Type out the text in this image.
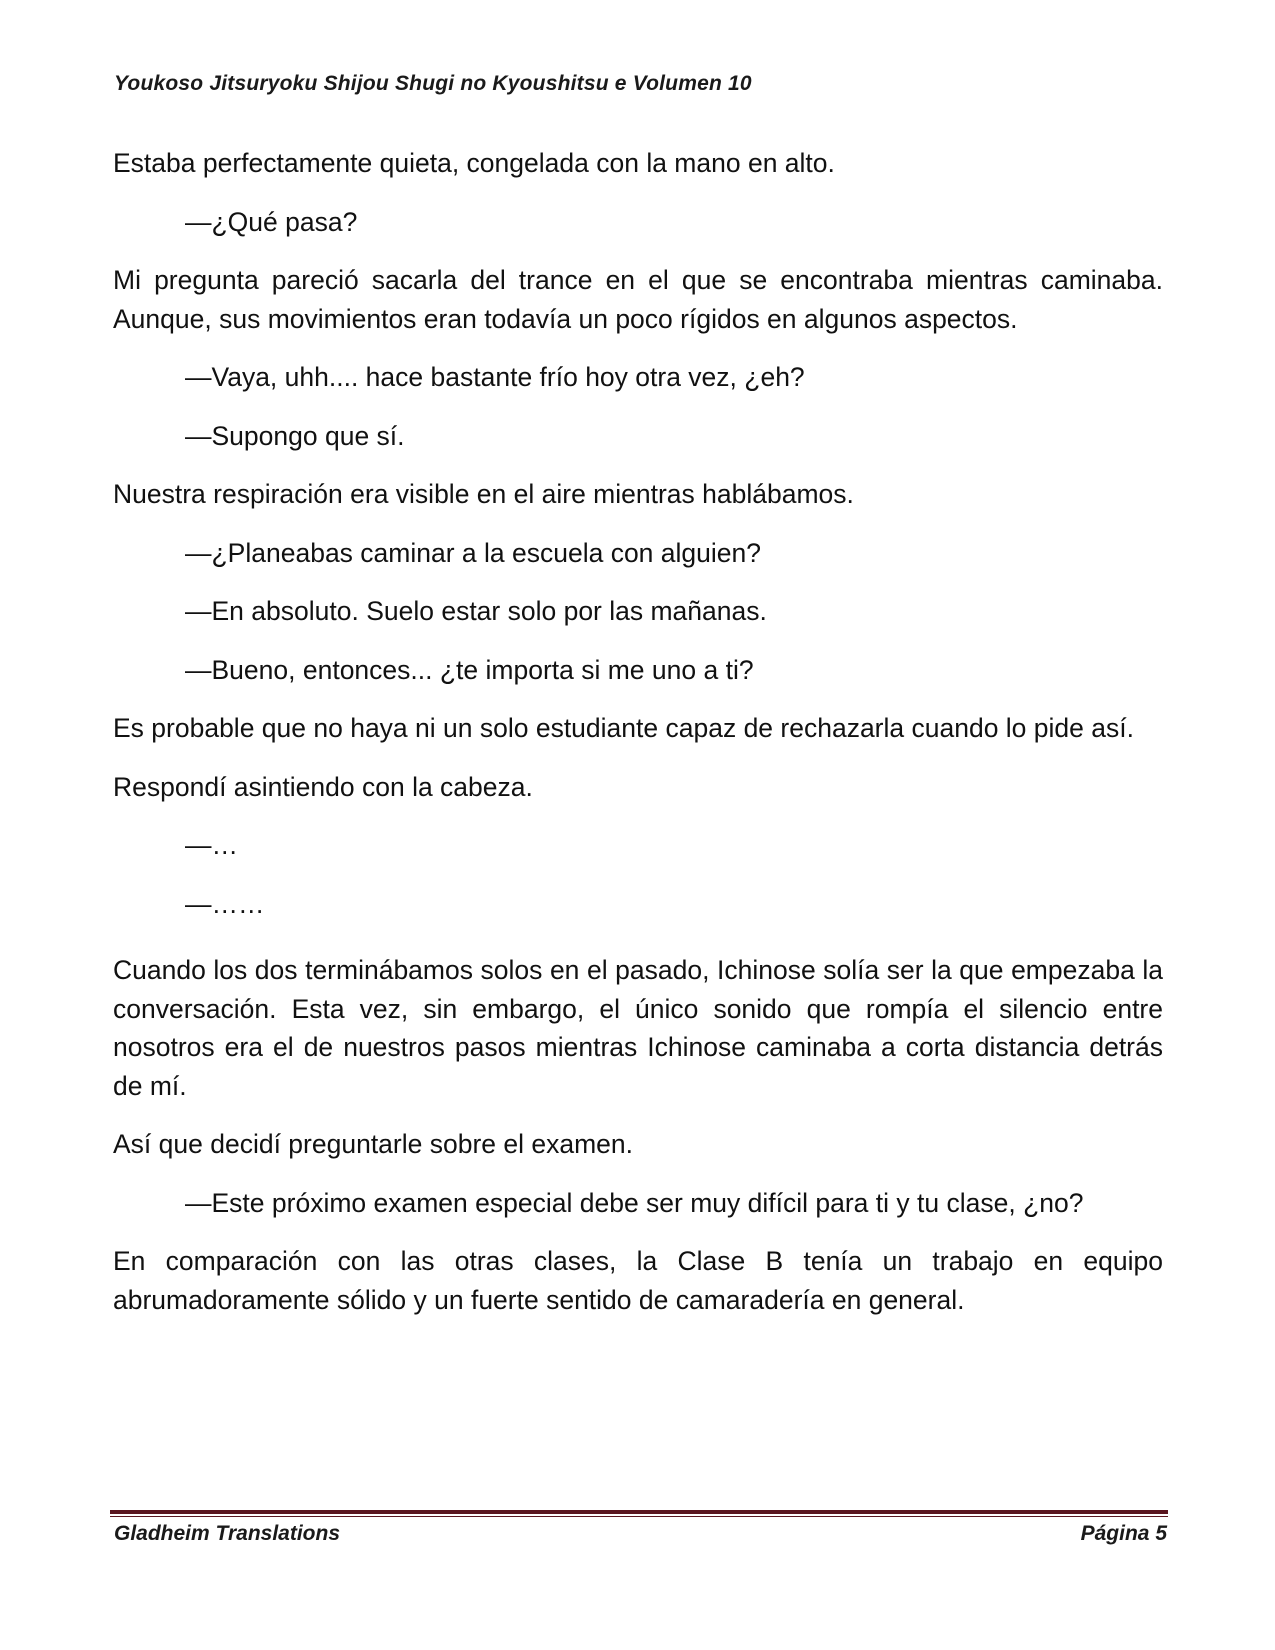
Youkoso Jitsuryoku Shijou Shugi no Kyoushitsu e Volumen 10

Estaba perfectamente quieta, congelada con la mano en alto.

—¿Qué pasa?

Mi pregunta pareció sacarla del trance en el que se encontraba mientras caminaba. Aunque, sus movimientos eran todavía un poco rígidos en algunos aspectos.

—Vaya, uhh.... hace bastante frío hoy otra vez, ¿eh?

—Supongo que sí.

Nuestra respiración era visible en el aire mientras hablábamos.

—¿Planeabas caminar a la escuela con alguien?

—En absoluto. Suelo estar solo por las mañanas.

—Bueno, entonces... ¿te importa si me uno a ti?

Es probable que no haya ni un solo estudiante capaz de rechazarla cuando lo pide así.

Respondí asintiendo con la cabeza.

—…

—……

Cuando los dos terminábamos solos en el pasado, Ichinose solía ser la que empezaba la conversación. Esta vez, sin embargo, el único sonido que rompía el silencio entre nosotros era el de nuestros pasos mientras Ichinose caminaba a corta distancia detrás de mí.

Así que decidí preguntarle sobre el examen.

—Este próximo examen especial debe ser muy difícil para ti y tu clase, ¿no?

En comparación con las otras clases, la Clase B tenía un trabajo en equipo abrumadoramente sólido y un fuerte sentido de camaradería en general.

Gladheim Translations	Página 5
